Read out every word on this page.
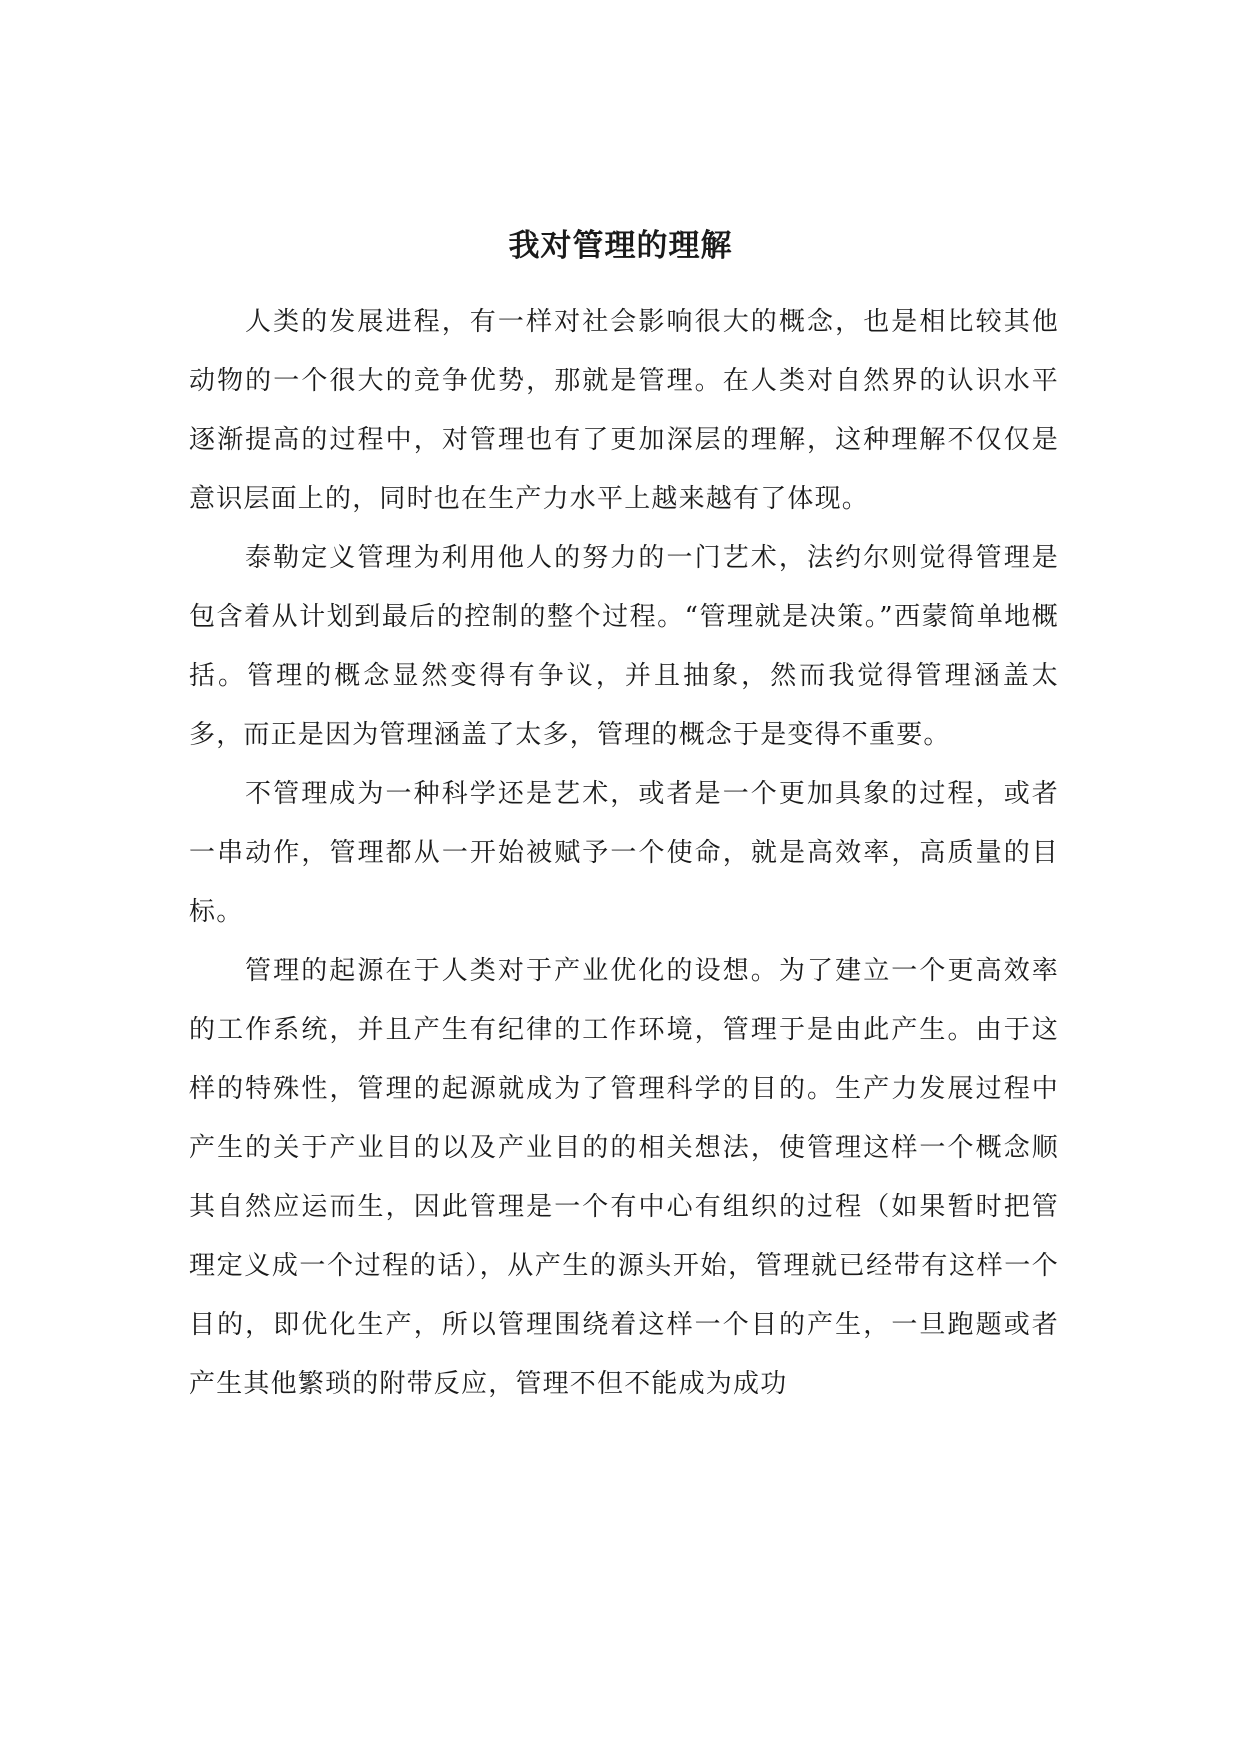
我对管理的理解

人类的发展进程，有一样对社会影响很大的概念，也是相比较其他动物的一个很大的竞争优势，那就是管理。在人类对自然界的认识水平逐渐提高的过程中，对管理也有了更加深层的理解，这种理解不仅仅是意识层面上的，同时也在生产力水平上越来越有了体现。

泰勒定义管理为利用他人的努力的一门艺术，法约尔则觉得管理是包含着从计划到最后的控制的整个过程。“管理就是决策。”西蒙简单地概括。管理的概念显然变得有争议，并且抽象，然而我觉得管理涵盖太多，而正是因为管理涵盖了太多，管理的概念于是变得不重要。

不管理成为一种科学还是艺术，或者是一个更加具象的过程，或者一串动作，管理都从一开始被赋予一个使命，就是高效率，高质量的目标。

管理的起源在于人类对于产业优化的设想。为了建立一个更高效率的工作系统，并且产生有纪律的工作环境，管理于是由此产生。由于这样的特殊性，管理的起源就成为了管理科学的目的。生产力发展过程中产生的关于产业目的以及产业目的的相关想法，使管理这样一个概念顺其自然应运而生，因此管理是一个有中心有组织的过程（如果暂时把管理定义成一个过程的话），从产生的源头开始，管理就已经带有这样一个目的，即优化生产，所以管理围绕着这样一个目的产生，一旦跑题或者产生其他繁琐的附带反应，管理不但不能成为成功
